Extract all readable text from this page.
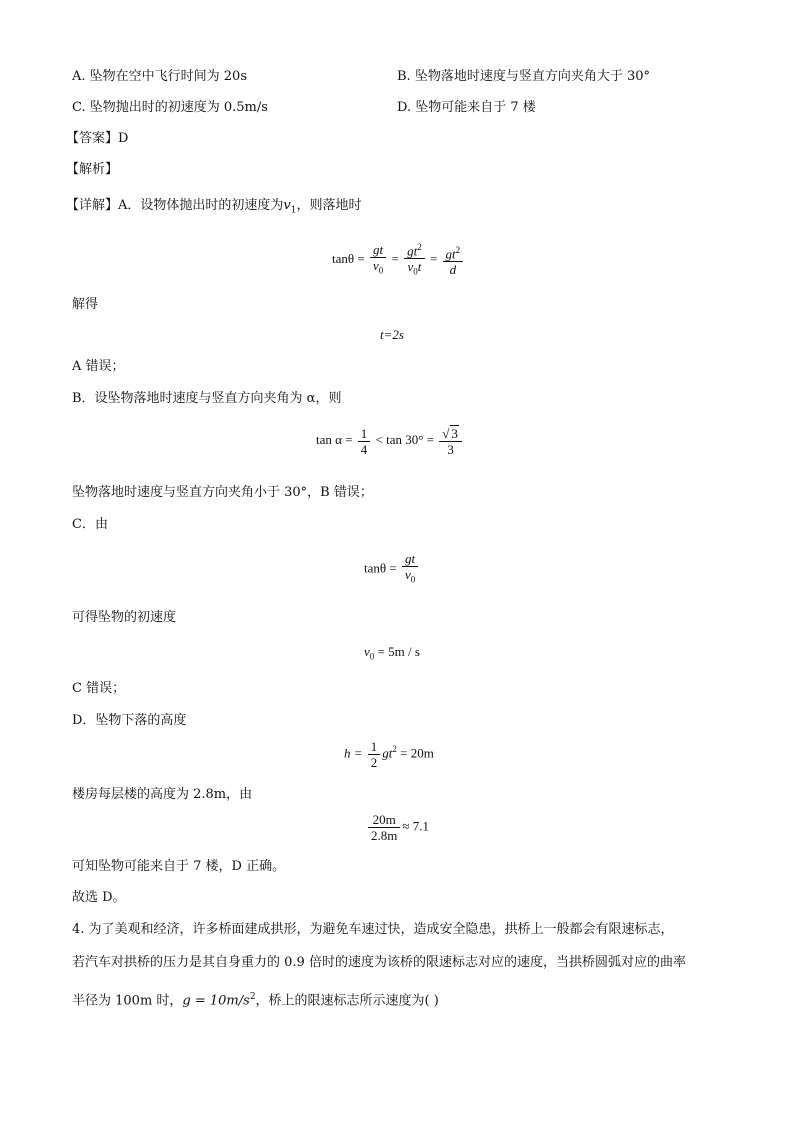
A. 坠物在空中飞行时间为 20s	B. 坠物落地时速度与竖直方向夹角大于 30°
C. 坠物抛出时的初速度为 0.5m/s	D. 坠物可能来自于 7 楼
【答案】D
【解析】
【详解】A．设物体抛出时的初速度为$v_1$，则落地时
$\tan\theta = \frac{gt}{v_0} = \frac{gt^2}{v_0t} = \frac{gt^2}{d}$
解得
t=2s
A 错误；
B．设坠物落地时速度与竖直方向夹角为 α，则
$\tan \alpha = \frac{1}{4} < \tan 30^\circ = \frac{√ 3}{3}$
坠物落地时速度与竖直方向夹角小于 30°，B 错误；
C．由
$\tan\theta = \frac{gt}{v_0}$
可得坠物的初速度
$v_0 = 5m / s$
C 错误；
D．坠物下落的高度
$h = \frac{1}{2} gt^2 = 20m$
楼房每层楼的高度为 2.8m，由
$\frac{20m}{2.8m} \approx 7.1$
可知坠物可能来自于 7 楼，D 正确。
故选 D。
4. 为了美观和经济，许多桥面建成拱形，为避免车速过快，造成安全隐患，拱桥上一般都会有限速标志，
若汽车对拱桥的压力是其自身重力的 0.9 倍时的速度为该桥的限速标志对应的速度，当拱桥圆弧对应的曲率
半径为 100m 时，$g = 10m/s^2$，桥上的限速标志所示速度为( )
